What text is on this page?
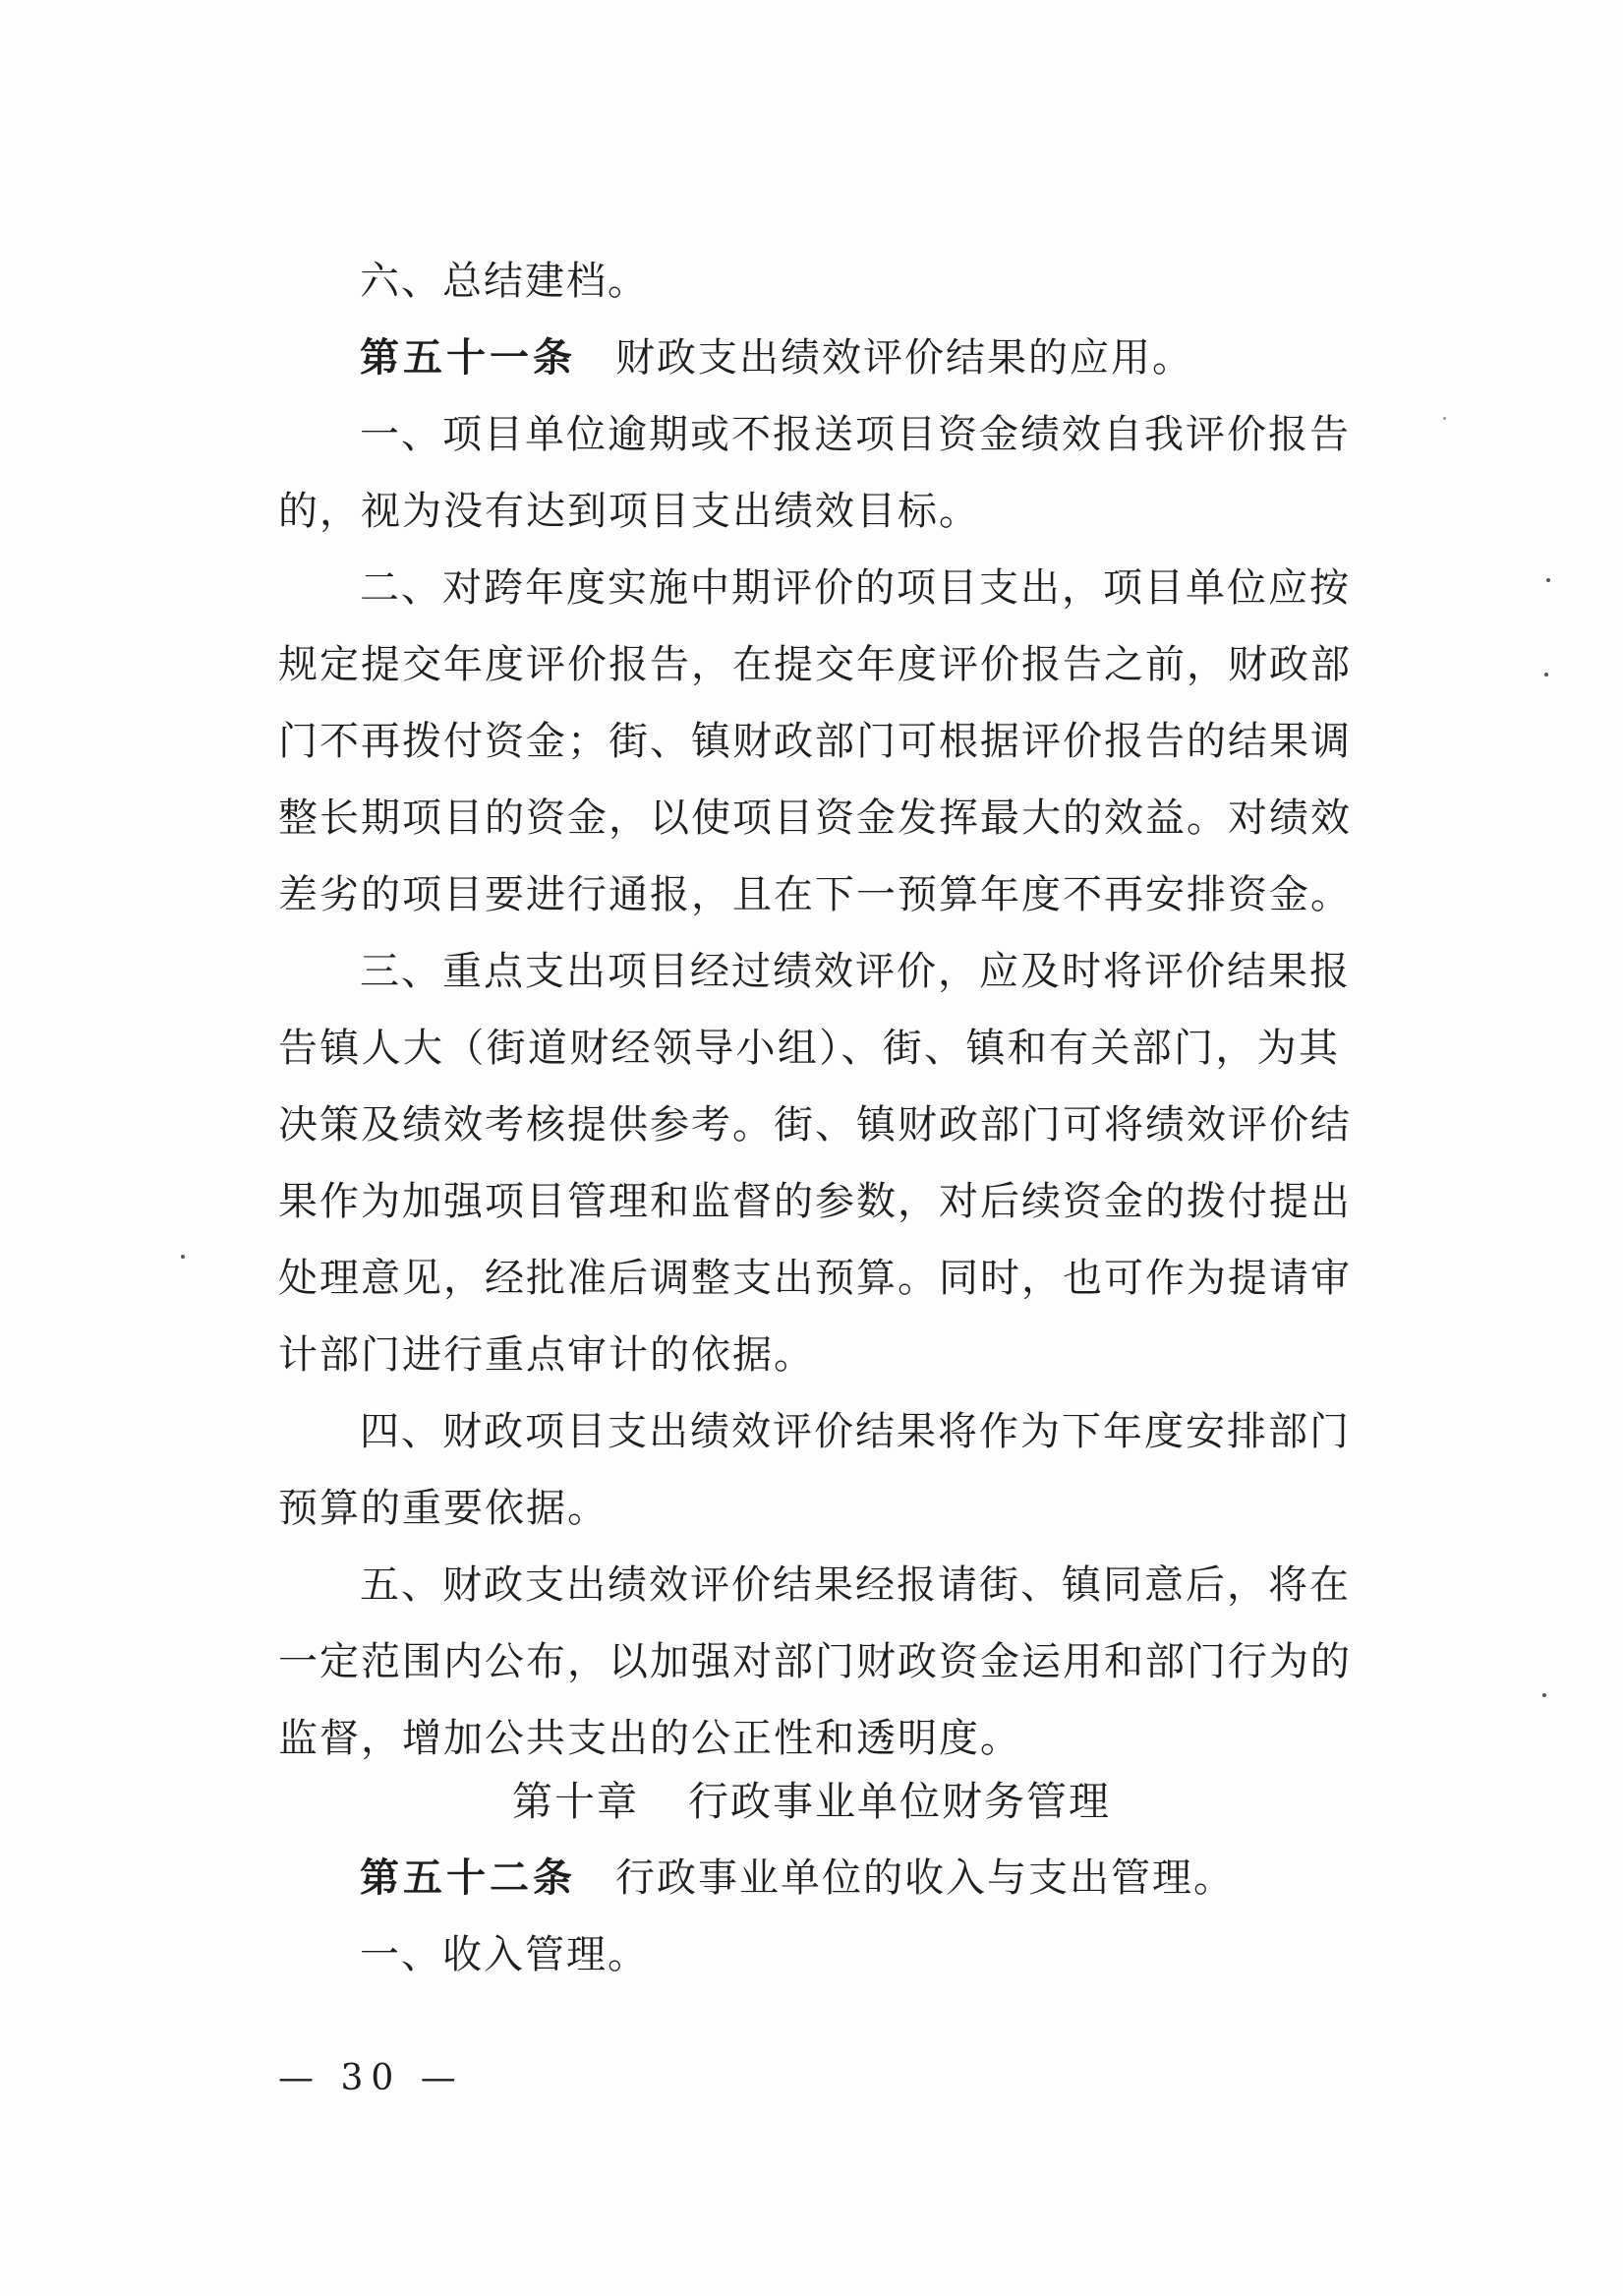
六、总结建档。
第五十一条 财政支出绩效评价结果的应用。
一、项目单位逾期或不报送项目资金绩效自我评价报告
的，视为没有达到项目支出绩效目标。
二、对跨年度实施中期评价的项目支出，项目单位应按
规定提交年度评价报告，在提交年度评价报告之前，财政部
门不再拨付资金；街、镇财政部门可根据评价报告的结果调
整长期项目的资金，以使项目资金发挥最大的效益。对绩效
差劣的项目要进行通报，且在下一预算年度不再安排资金。
三、重点支出项目经过绩效评价，应及时将评价结果报
告镇人大（街道财经领导小组）、街、镇和有关部门，为其
决策及绩效考核提供参考。街、镇财政部门可将绩效评价结
果作为加强项目管理和监督的参数，对后续资金的拨付提出
处理意见，经批准后调整支出预算。同时，也可作为提请审
计部门进行重点审计的依据。
四、财政项目支出绩效评价结果将作为下年度安排部门
预算的重要依据。
五、财政支出绩效评价结果经报请街、镇同意后，将在
一定范围内公布，以加强对部门财政资金运用和部门行为的
监督，增加公共支出的公正性和透明度。
第十章 行政事业单位财务管理
第五十二条 行政事业单位的收入与支出管理。
一、收入管理。
— 30 —
